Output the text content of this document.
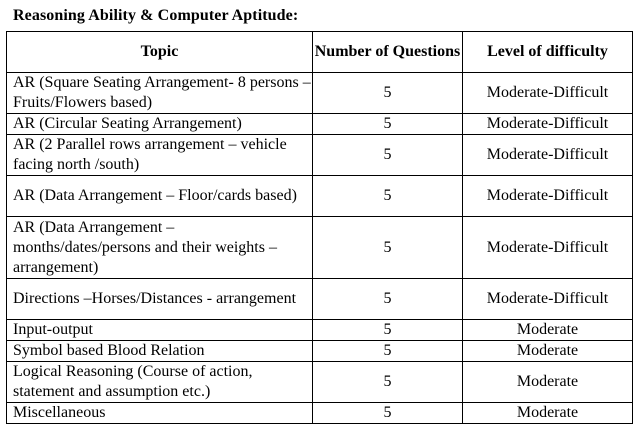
Reasoning Ability & Computer Aptitude:
Topic	Number of Questions	Level of difficulty
AR (Square Seating Arrangement- 8 persons – Fruits/Flowers based)	5	Moderate-Difficult
AR (Circular Seating Arrangement)	5	Moderate-Difficult
AR (2 Parallel rows arrangement – vehicle facing north /south)	5	Moderate-Difficult
AR (Data Arrangement – Floor/cards based)	5	Moderate-Difficult
AR (Data Arrangement – months/dates/persons and their weights – arrangement)	5	Moderate-Difficult
Directions –Horses/Distances - arrangement	5	Moderate-Difficult
Input-output	5	Moderate
Symbol based Blood Relation	5	Moderate
Logical Reasoning (Course of action, statement and assumption etc.)	5	Moderate
Miscellaneous	5	Moderate
